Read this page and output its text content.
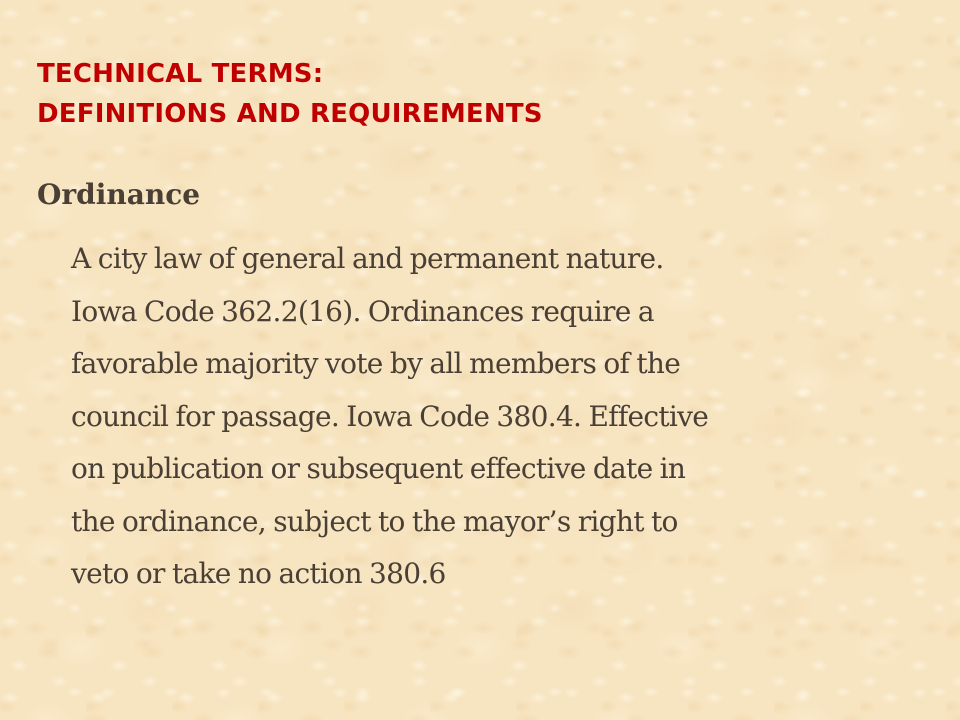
TECHNICAL TERMS:
DEFINITIONS AND REQUIREMENTS
Ordinance

A city law of general and permanent nature.
Iowa Code 362.2(16). Ordinances require a
favorable majority vote by all members of the
council for passage. Iowa Code 380.4. Effective
on publication or subsequent effective date in
the ordinance, subject to the mayor’s right to
veto or take no action 380.6
